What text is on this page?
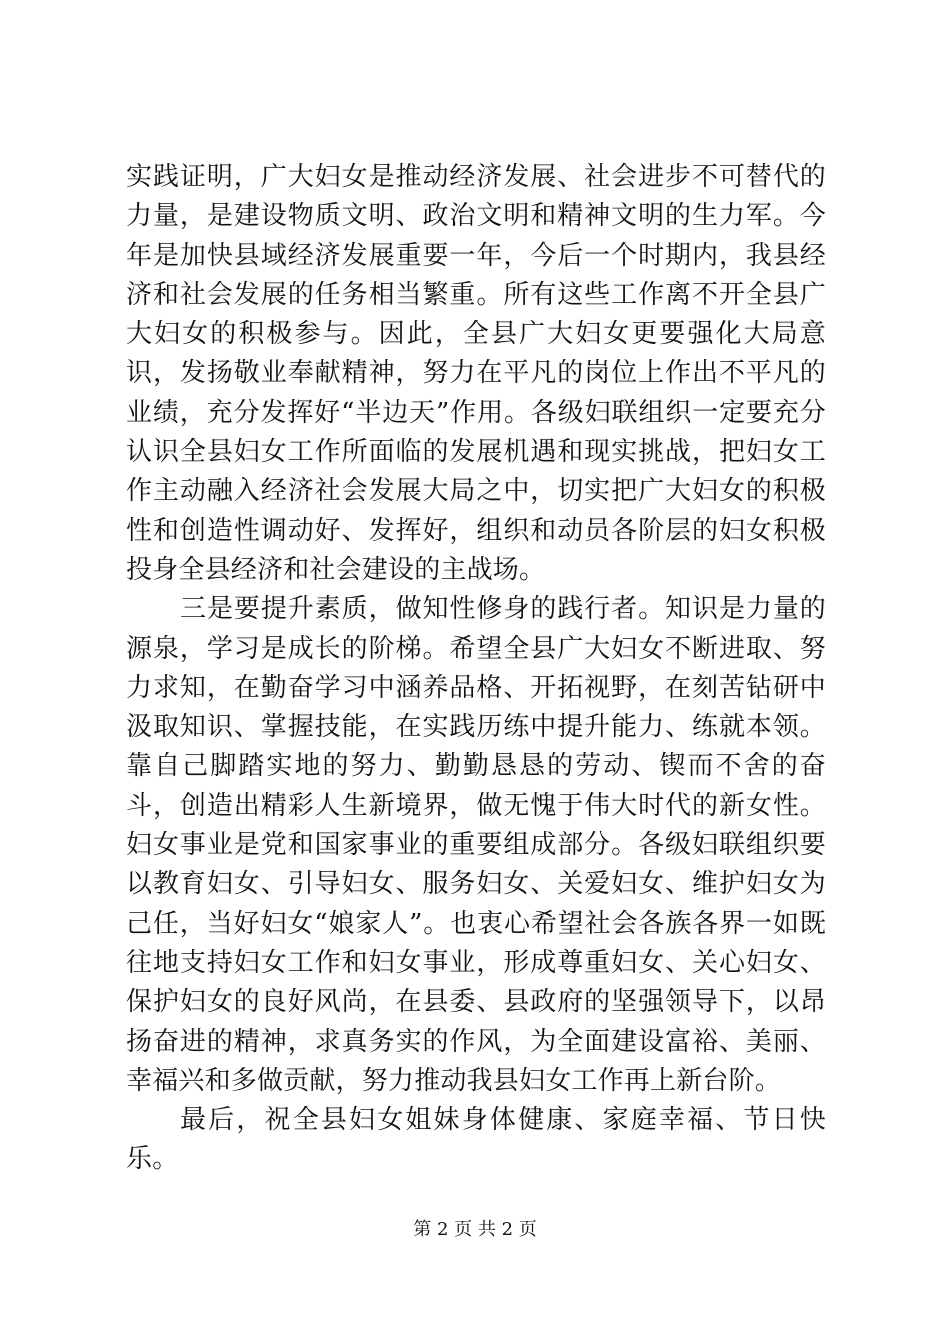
实践证明，广大妇女是推动经济发展、社会进步不可替代的力量，是建设物质文明、政治文明和精神文明的生力军。今年是加快县域经济发展重要一年，今后一个时期内，我县经济和社会发展的任务相当繁重。所有这些工作离不开全县广大妇女的积极参与。因此，全县广大妇女更要强化大局意识，发扬敬业奉献精神，努力在平凡的岗位上作出不平凡的业绩，充分发挥好“半边天”作用。各级妇联组织一定要充分认识全县妇女工作所面临的发展机遇和现实挑战，把妇女工作主动融入经济社会发展大局之中，切实把广大妇女的积极性和创造性调动好、发挥好，组织和动员各阶层的妇女积极投身全县经济和社会建设的主战场。

三是要提升素质，做知性修身的践行者。知识是力量的源泉，学习是成长的阶梯。希望全县广大妇女不断进取、努力求知，在勤奋学习中涵养品格、开拓视野，在刻苦钻研中汲取知识、掌握技能，在实践历练中提升能力、练就本领。靠自己脚踏实地的努力、勤勤恳恳的劳动、锲而不舍的奋斗，创造出精彩人生新境界，做无愧于伟大时代的新女性。妇女事业是党和国家事业的重要组成部分。各级妇联组织要以教育妇女、引导妇女、服务妇女、关爱妇女、维护妇女为己任，当好妇女“娘家人”。也衷心希望社会各族各界一如既往地支持妇女工作和妇女事业，形成尊重妇女、关心妇女、保护妇女的良好风尚，在县委、县政府的坚强领导下，以昂扬奋进的精神，求真务实的作风，为全面建设富裕、美丽、幸福兴和多做贡献，努力推动我县妇女工作再上新台阶。

最后，祝全县妇女姐妹身体健康、家庭幸福、节日快乐。

第 2 页 共 2 页
